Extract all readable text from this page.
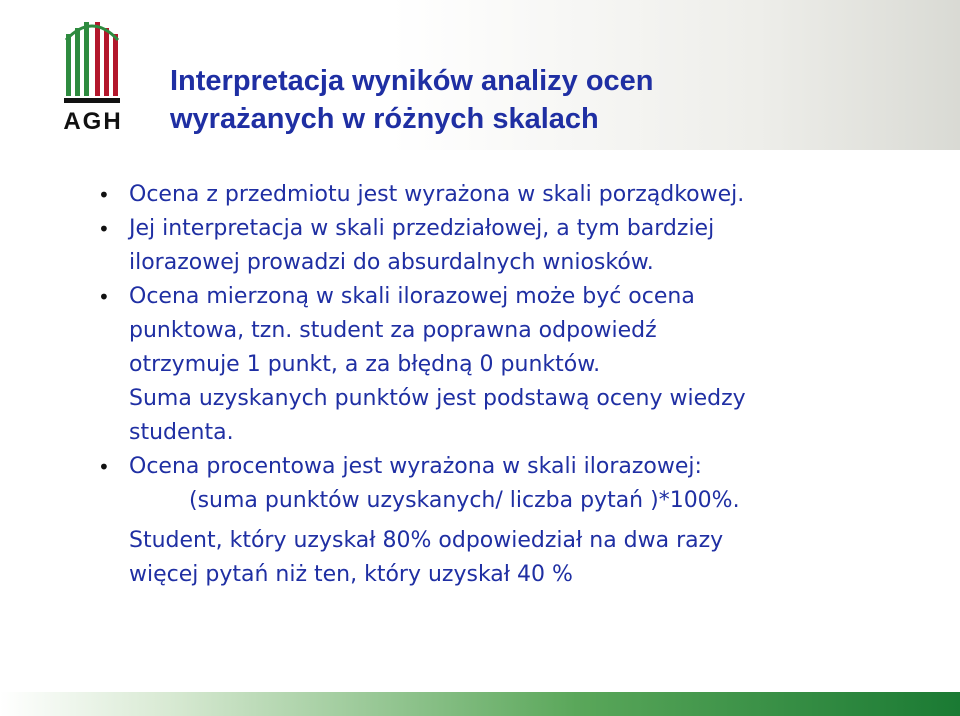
AGH
Interpretacja wyników analizy ocen
wyrażanych w różnych skalach
• Ocena z przedmiotu jest wyrażona w skali porządkowej.
• Jej interpretacja w skali przedziałowej, a tym bardziej
ilorazowej prowadzi do absurdalnych wniosków.
• Ocena mierzoną w skali ilorazowej może być ocena
punktowa, tzn. student za poprawna odpowiedź
otrzymuje 1 punkt, a za błędną 0 punktów.
Suma uzyskanych punktów jest podstawą oceny wiedzy
studenta.
• Ocena procentowa jest wyrażona w skali ilorazowej:
(suma punktów uzyskanych/ liczba pytań )*100%.
Student, który uzyskał 80% odpowiedział na dwa razy
więcej pytań niż ten, który uzyskał 40 %
